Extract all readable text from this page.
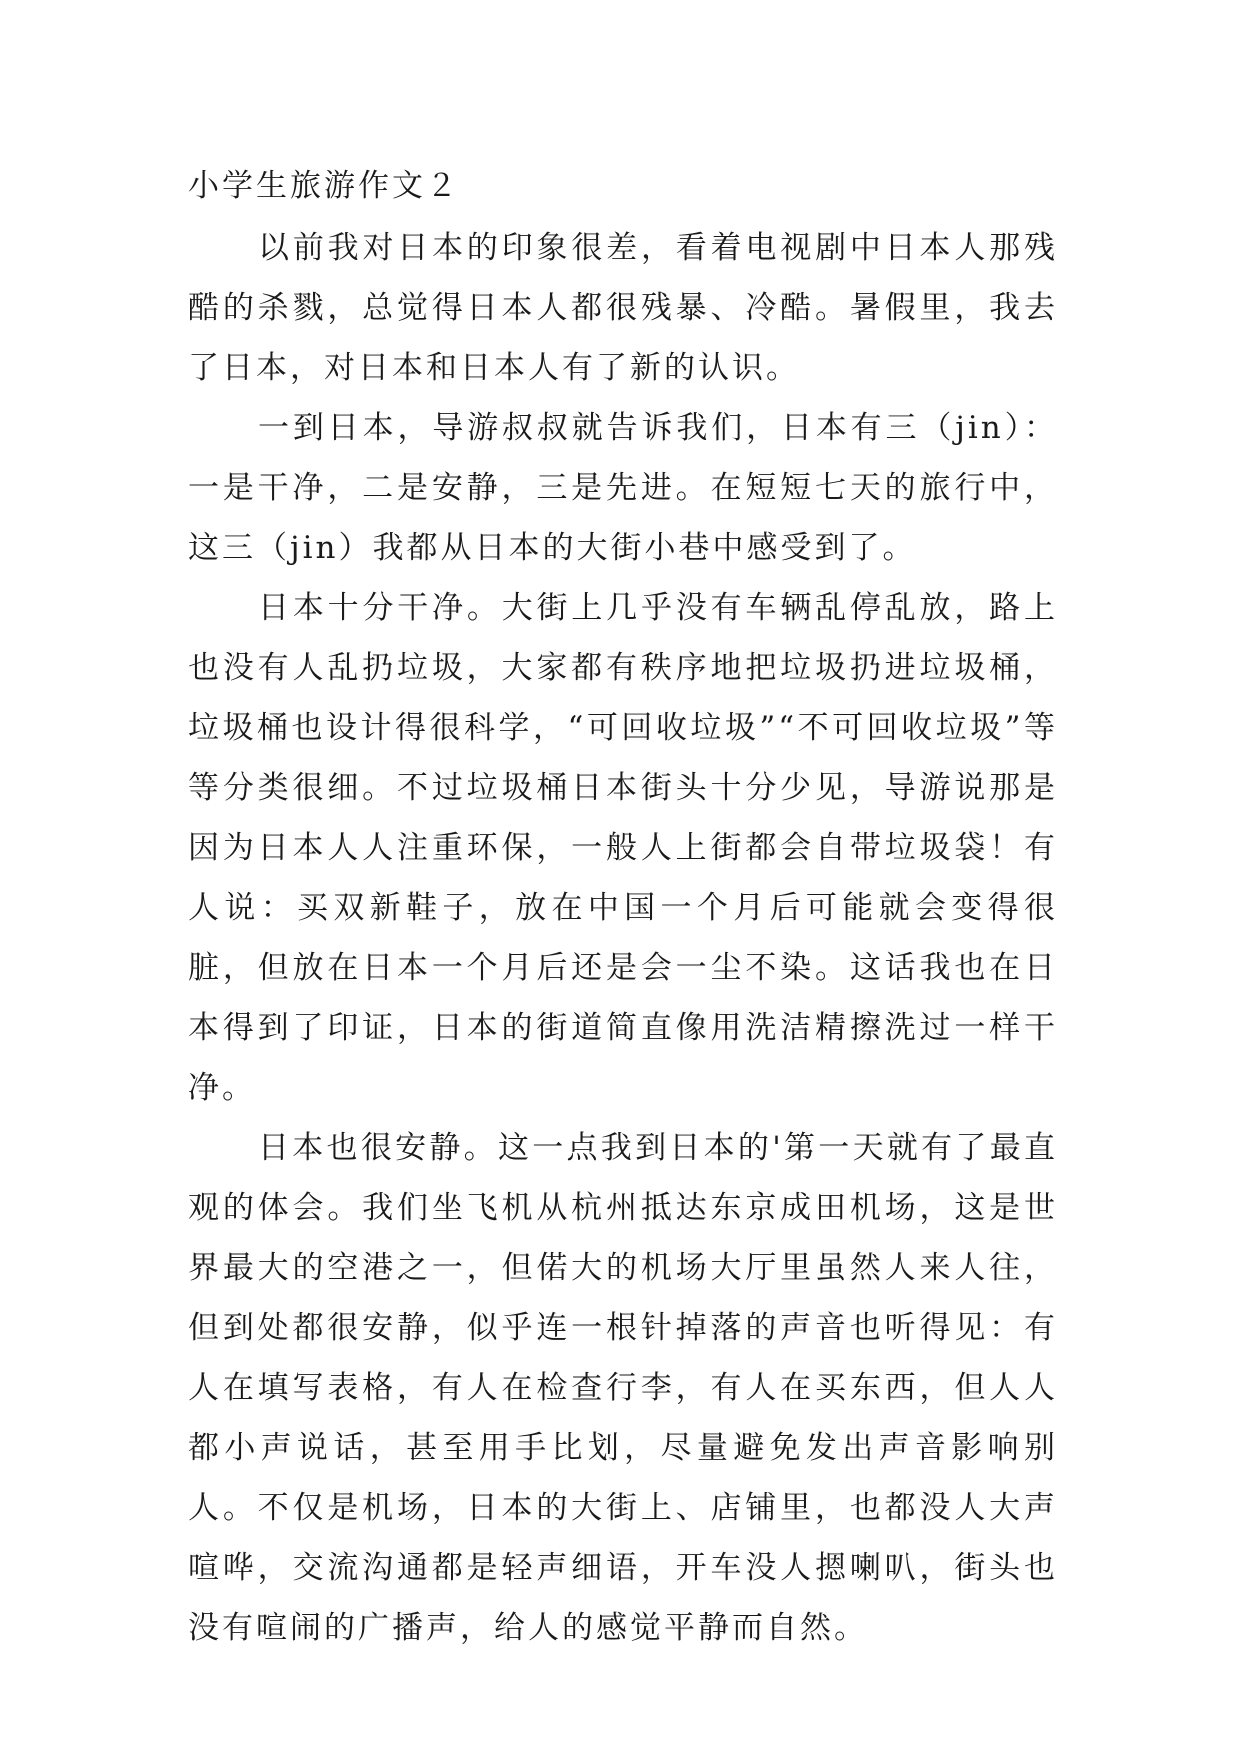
小学生旅游作文２

以前我对日本的印象很差，看着电视剧中日本人那残酷的杀戮，总觉得日本人都很残暴、冷酷。暑假里，我去了日本，对日本和日本人有了新的认识。

一到日本，导游叔叔就告诉我们，日本有三（jin）：一是干净，二是安静，三是先进。在短短七天的旅行中，这三（jin）我都从日本的大街小巷中感受到了。

日本十分干净。大街上几乎没有车辆乱停乱放，路上也没有人乱扔垃圾，大家都有秩序地把垃圾扔进垃圾桶，垃圾桶也设计得很科学，“可回收垃圾”“不可回收垃圾”等等分类很细。不过垃圾桶日本街头十分少见，导游说那是因为日本人人注重环保，一般人上街都会自带垃圾袋！有人说：买双新鞋子，放在中国一个月后可能就会变得很脏，但放在日本一个月后还是会一尘不染。这话我也在日本得到了印证，日本的街道简直像用洗洁精擦洗过一样干净。

日本也很安静。这一点我到日本的'第一天就有了最直观的体会。我们坐飞机从杭州抵达东京成田机场，这是世界最大的空港之一，但偌大的机场大厅里虽然人来人往，但到处都很安静，似乎连一根针掉落的声音也听得见：有人在填写表格，有人在检查行李，有人在买东西，但人人都小声说话，甚至用手比划，尽量避免发出声音影响别人。不仅是机场，日本的大街上、店铺里，也都没人大声喧哗，交流沟通都是轻声细语，开车没人摁喇叭，街头也没有喧闹的广播声，给人的感觉平静而自然。
